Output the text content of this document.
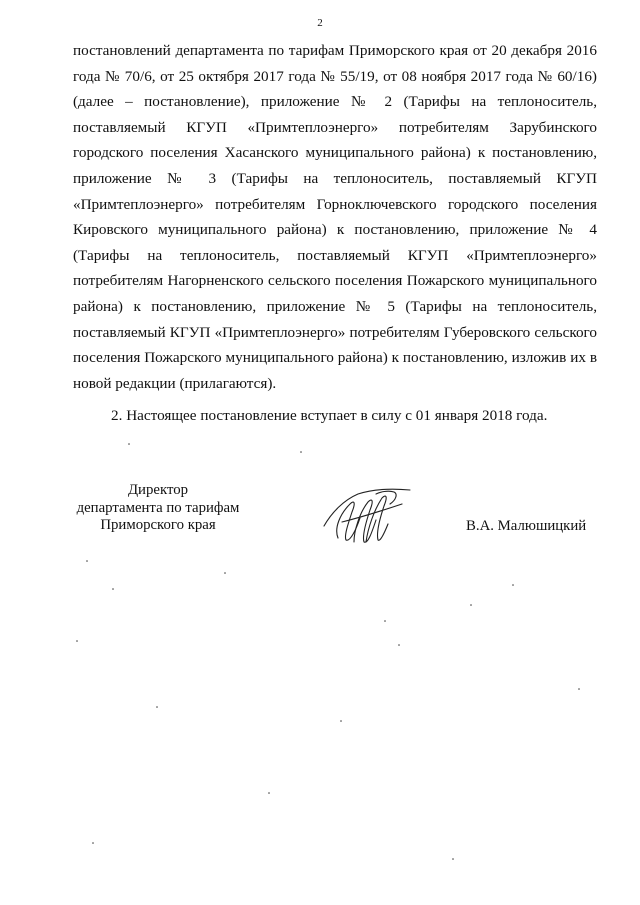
2

постановлений департамента по тарифам Приморского края от 20 декабря 2016 года № 70/6, от 25 октября 2017 года № 55/19, от 08 ноября 2017 года № 60/16) (далее – постановление), приложение № 2 (Тарифы на теплоноситель, поставляемый КГУП «Примтеплоэнерго» потребителям Зарубинского городского поселения Хасанского муниципального района) к постановлению, приложение № 3 (Тарифы на теплоноситель, поставляемый КГУП «Примтеплоэнерго» потребителям Горноключевского городского поселения Кировского муниципального района) к постановлению, приложение № 4 (Тарифы на теплоноситель, поставляемый КГУП «Примтеплоэнерго» потребителям Нагорненского сельского поселения Пожарского муниципального района) к постановлению, приложение № 5 (Тарифы на теплоноситель, поставляемый КГУП «Примтеплоэнерго» потребителям Губеровского сельского поселения Пожарского муниципального района) к постановлению, изложив их в новой редакции (прилагаются).

2. Настоящее постановление вступает в силу с 01 января 2018 года.

Директор
департамента по тарифам
Приморского края	В.А. Малюшицкий
